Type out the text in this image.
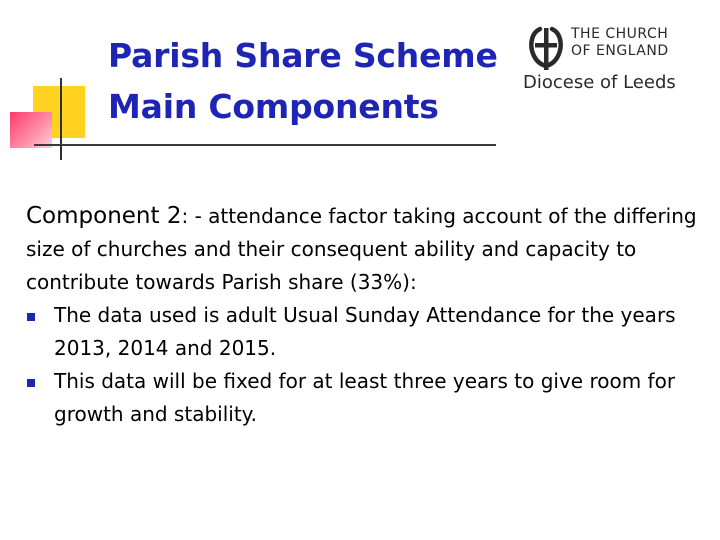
Parish Share Scheme
Main Components
THE CHURCH
OF ENGLAND
Diocese of Leeds

Component 2: - attendance factor taking account of the differing size of churches and their consequent ability and capacity to contribute towards Parish share (33%):

The data used is adult Usual Sunday Attendance for the years 2013, 2014 and 2015.
This data will be fixed for at least three years to give room for growth and stability.
